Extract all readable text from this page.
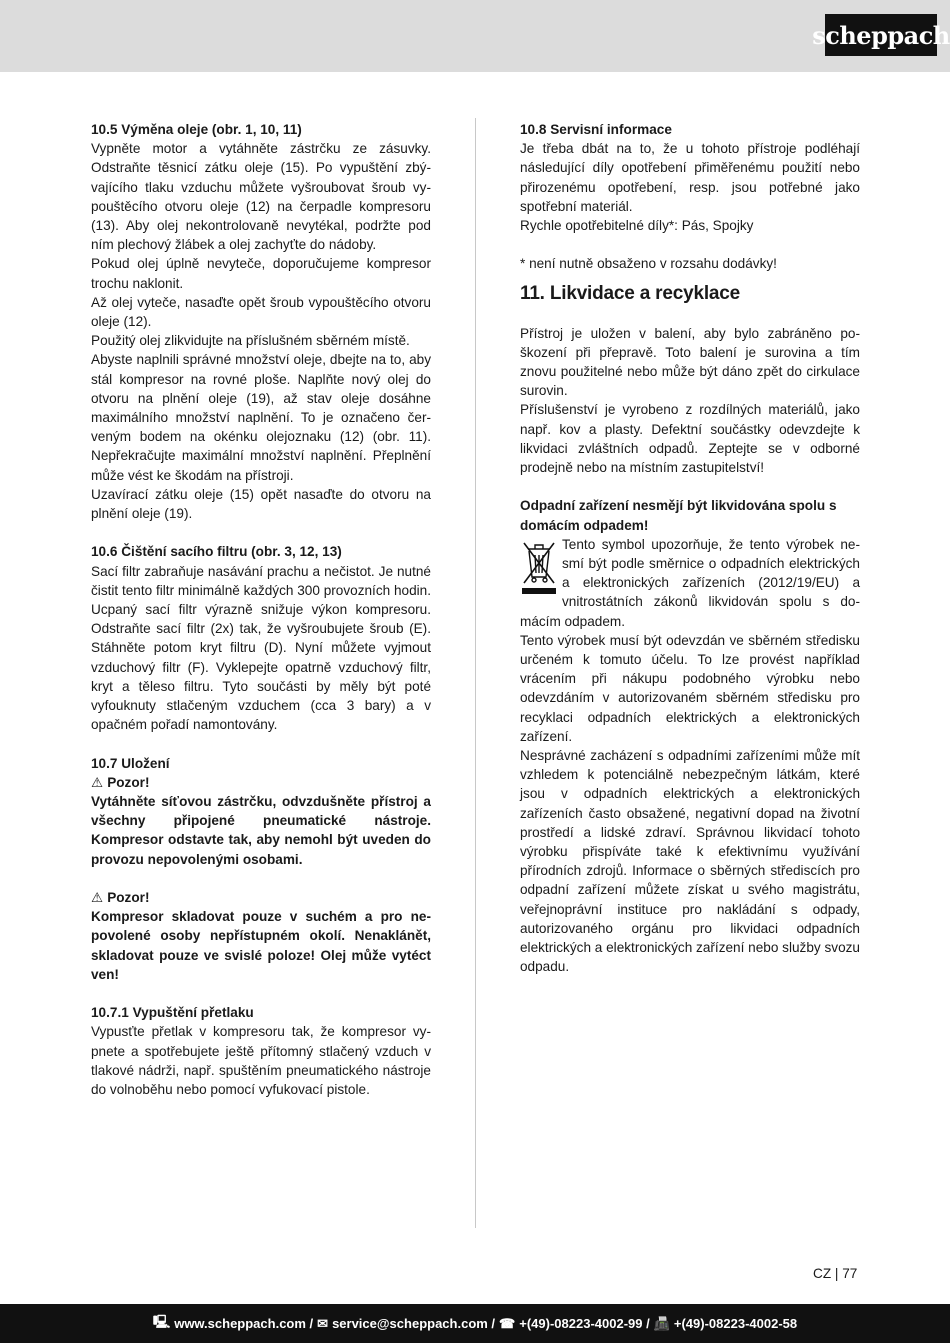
scheppach

10.5 Výměna oleje (obr. 1, 10, 11)

Vypněte motor a vytáhněte zástrčku ze zásuvky. Odstraňte těsnicí zátku oleje (15). Po vypuštění zbývajícího tlaku vzduchu můžete vyšroubovat šroub vypouštěcího otvoru oleje (12) na čerpadle kompresoru (13). Aby olej nekontrolovaně nevytékal, podržte pod ním plechový žlábek a olej zachyťte do nádoby.

Pokud olej úplně nevyteče, doporučujeme kompresor trochu naklonit.

Až olej vyteče, nasaďte opět šroub vypouštěcího otvoru oleje (12).

Použitý olej zlikvidujte na příslušném sběrném místě.

Abyste naplnili správné množství oleje, dbejte na to, aby stál kompresor na rovné ploše. Naplňte nový olej do otvoru na plnění oleje (19), až stav oleje dosáhne maximálního množství naplnění. To je označeno červeným bodem na okénku olejoznaku (12) (obr. 11). Nepřekračujte maximální množství naplnění. Přeplnění může vést ke škodám na přístroji.

Uzavírací zátku oleje (15) opět nasaďte do otvoru na plnění oleje (19).

10.6 Čištění sacího filtru (obr. 3, 12, 13)

Sací filtr zabraňuje nasávání prachu a nečistot. Je nutné čistit tento filtr minimálně každých 300 provozních hodin. Ucpaný sací filtr výrazně snižuje výkon kompresoru. Odstraňte sací filtr (2x) tak, že vyšroubujete šroub (E). Stáhněte potom kryt filtru (D). Nyní můžete vyjmout vzduchový filtr (F). Vyklepejte opatrně vzduchový filtr, kryt a těleso filtru. Tyto součásti by měly být poté vyfouknuty stlačeným vzduchem (cca 3 bary) a v opačném pořadí namontovány.

10.7 Uložení

⚠ Pozor!

Vytáhněte síťovou zástrčku, odvzdušněte přístroj a všechny připojené pneumatické nástroje. Kompresor odstavte tak, aby nemohl být uveden do provozu nepovolenými osobami.

⚠ Pozor!

Kompresor skladovat pouze v suchém a pro nepovolené osoby nepřístupném okolí. Nenaklánět, skladovat pouze ve svislé poloze! Olej může vytéct ven!

10.7.1 Vypuštění přetlaku

Vypusťte přetlak v kompresoru tak, že kompresor vypnete a spotřebujete ještě přítomný stlačený vzduch v tlakové nádrži, např. spuštěním pneumatického nástroje do volnoběhu nebo pomocí vyfukovací pistole.

10.8 Servisní informace

Je třeba dbát na to, že u tohoto přístroje podléhají následující díly opotřebení přiměřenému použití nebo přirozenému opotřebení, resp. jsou potřebné jako spotřební materiál.

Rychle opotřebitelné díly*: Pás, Spojky

* není nutně obsaženo v rozsahu dodávky!

11. Likvidace a recyklace

Přístroj je uložen v balení, aby bylo zabráněno poškození při přepravě. Toto balení je surovina a tím znovu použitelné nebo může být dáno zpět do cirkulace surovin.

Příslušenství je vyrobeno z rozdílných materiálů, jako např. kov a plasty. Defektní součástky odevzdejte k likvidaci zvláštních odpadů. Zeptejte se v odborné prodejně nebo na místním zastupitelství!

Odpadní zařízení nesmějí být likvidována spolu s domácím odpadem!

Tento symbol upozorňuje, že tento výrobek nesmí být podle směrnice o odpadních elektrických a elektronických zařízeních (2012/19/EU) a vnitrostátních zákonů likvidován spolu s domácím odpadem.

Tento výrobek musí být odevzdán ve sběrném středisku určeném k tomuto účelu. To lze provést například vrácením při nákupu podobného výrobku nebo odevzdáním v autorizovaném sběrném středisku pro recyklaci odpadních elektrických a elektronických zařízení.

Nesprávné zacházení s odpadními zařízeními může mít vzhledem k potenciálně nebezpečným látkám, které jsou v odpadních elektrických a elektronických zařízeních často obsažené, negativní dopad na životní prostředí a lidské zdraví. Správnou likvidací tohoto výrobku přispíváte také k efektivnímu využívání přírodních zdrojů. Informace o sběrných střediscích pro odpadní zařízení můžete získat u svého magistrátu, veřejnoprávní instituce pro nakládání s odpady, autorizovaného orgánu pro likvidaci odpadních elektrických a elektronických zařízení nebo služby svozu odpadu.

CZ | 77
🖳 www.scheppach.com / ✉ service@scheppach.com / ☎ +(49)-08223-4002-99 / 📠 +(49)-08223-4002-58
